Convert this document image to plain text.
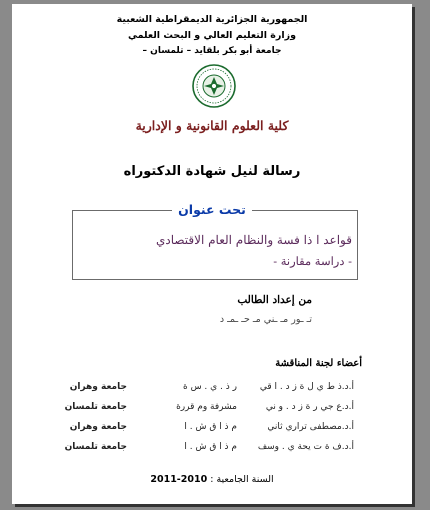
الجمهورية الجزائرية الديمقراطية الشعبية
وزارة التعليم العالي و البحث العلمي
جامعة أبو بكر بلقايد – تلمسان –
كلية العلوم القانونية و الإدارية
رسالة لنيل شهادة الدكتوراه
تحت عنوان
قواعد ا ذا فسة والنظام العام الاقتصادي
- دراسة مقارنة -
من إعداد الطالب
تـ ـور مـ ـني مـ حـ ـمـ د
أعضاء لجنة المناقشة
أ.د.ذ ط ي ل ة ز د . ا قي
ر ذ . ي . س ة
جامعة وهران
أ.د.ع جي ر ة ز د . و ني
مشرفة وم قررة
جامعة تلمسان
أ.د.مصطفى تراري ثاني
م ذ ا ق ش . ا
جامعة وهران
أ.د.ف ة ت يحة ي . وسف
م ذ ا ق ش . ا
جامعة تلمسان
السنة الجامعية : 2011-2010
